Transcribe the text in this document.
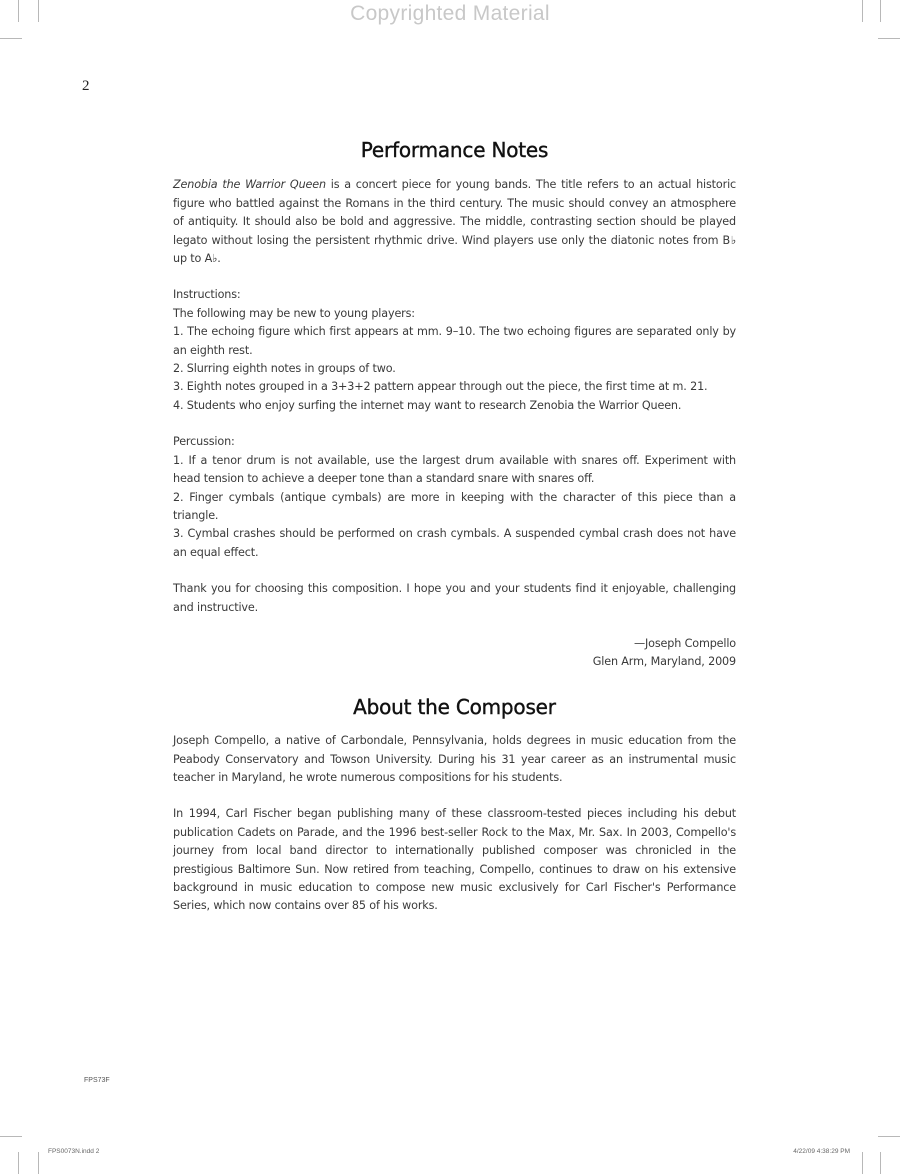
Copyrighted Material
2
Performance Notes

Zenobia the Warrior Queen is a concert piece for young bands. The title refers to an actual historic figure who battled against the Romans in the third century. The music should convey an atmosphere of antiquity. It should also be bold and aggressive. The middle, contrasting section should be played legato without losing the persistent rhythmic drive. Wind players use only the diatonic notes from B♭ up to A♭.

Instructions:

The following may be new to young players:

1. The echoing figure which first appears at mm. 9–10. The two echoing figures are separated only by an eighth rest.

2. Slurring eighth notes in groups of two.

3. Eighth notes grouped in a 3+3+2 pattern appear through out the piece, the first time at m. 21.

4. Students who enjoy surfing the internet may want to research Zenobia the Warrior Queen.

Percussion:

1. If a tenor drum is not available, use the largest drum available with snares off. Experiment with head tension to achieve a deeper tone than a standard snare with snares off.

2. Finger cymbals (antique cymbals) are more in keeping with the character of this piece than a triangle.

3. Cymbal crashes should be performed on crash cymbals. A suspended cymbal crash does not have an equal effect.

Thank you for choosing this composition. I hope you and your students find it enjoyable, challenging and instructive.

—Joseph Compello

Glen Arm, Maryland, 2009

About the Composer

Joseph Compello, a native of Carbondale, Pennsylvania, holds degrees in music education from the Peabody Conservatory and Towson University. During his 31 year career as an instrumental music teacher in Maryland, he wrote numerous compositions for his students.

In 1994, Carl Fischer began publishing many of these classroom-tested pieces including his debut publication Cadets on Parade, and the 1996 best-seller Rock to the Max, Mr. Sax. In 2003, Compello's journey from local band director to internationally published composer was chronicled in the prestigious Baltimore Sun. Now retired from teaching, Compello, continues to draw on his extensive background in music education to compose new music exclusively for Carl Fischer's Performance Series, which now contains over 85 of his works.

FPS73F
FPS0073N.indd 2	4/22/09 4:38:29 PM
